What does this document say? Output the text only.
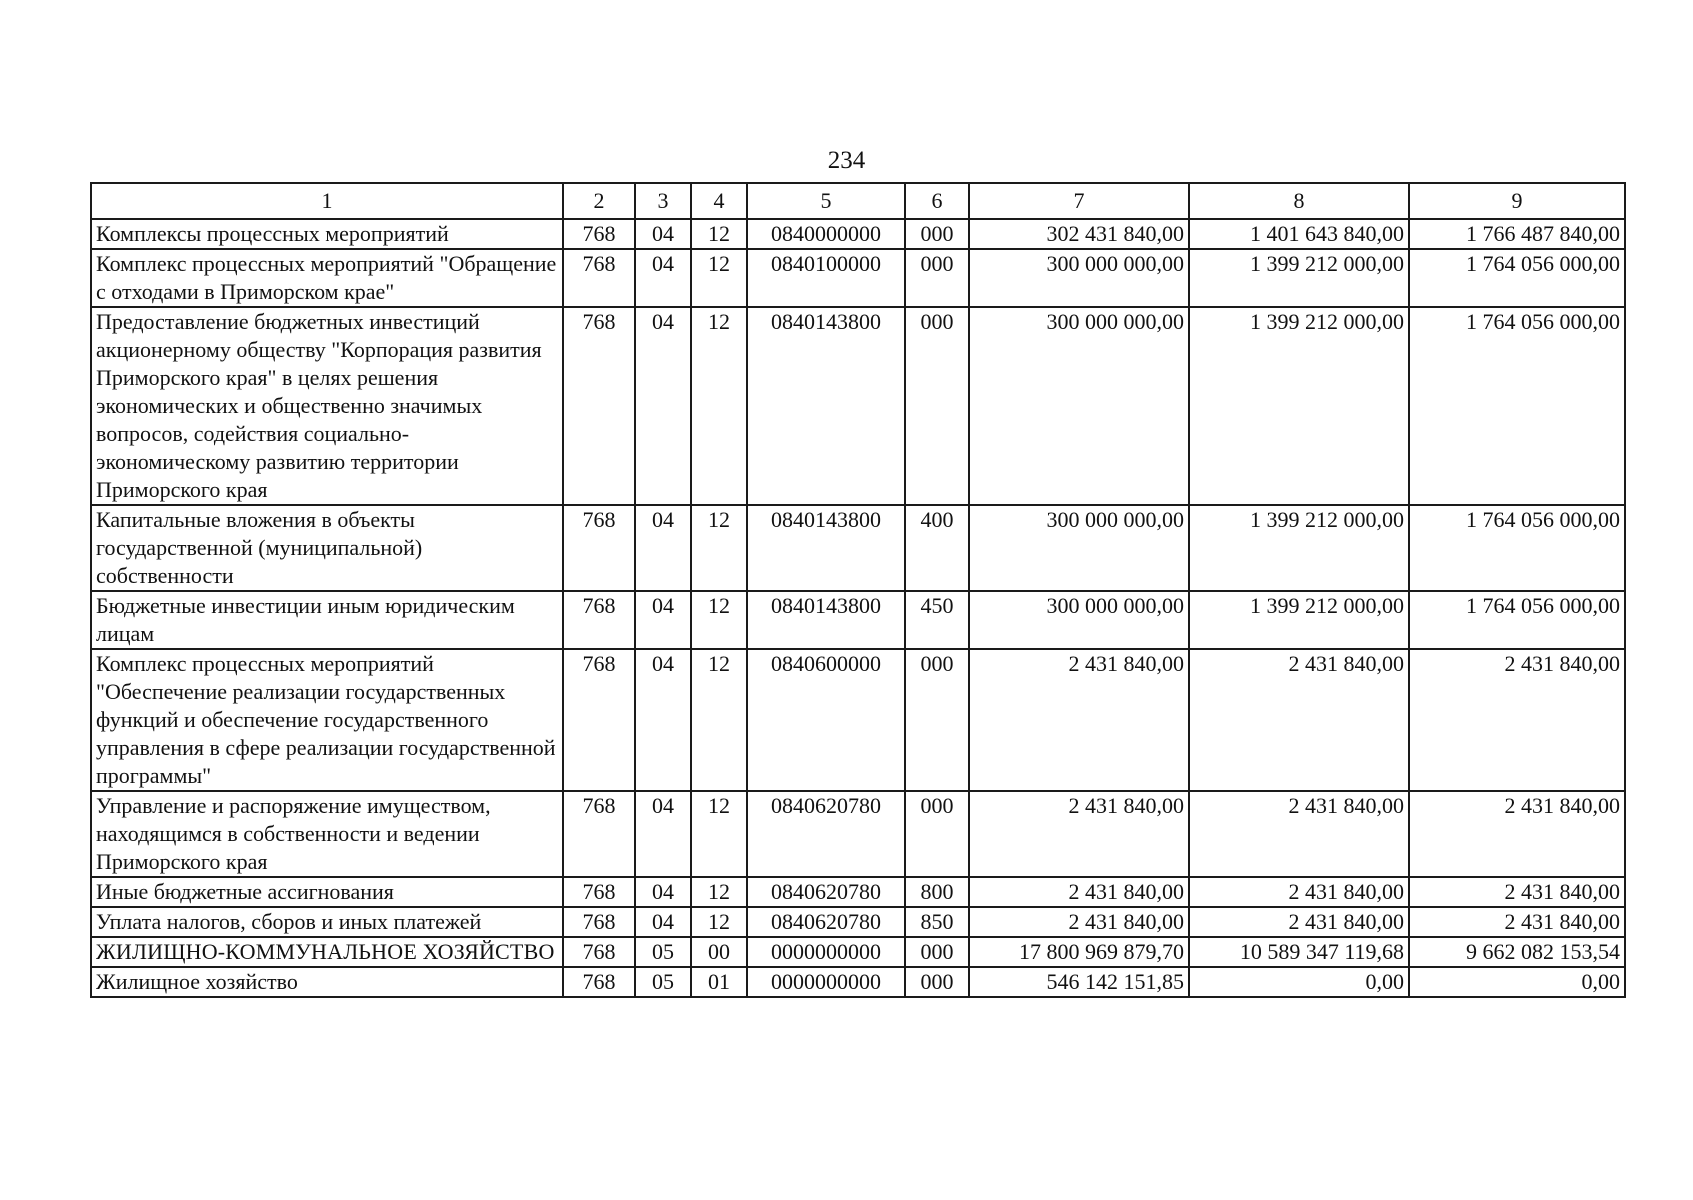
234
1	2	3	4	5	6	7	8	9
Комплексы процессных мероприятий	768	04	12	0840000000	000	302 431 840,00	1 401 643 840,00	1 766 487 840,00
Комплекс процессных мероприятий "Обращение с отходами в Приморском крае"	768	04	12	0840100000	000	300 000 000,00	1 399 212 000,00	1 764 056 000,00
Предоставление бюджетных инвестиций акционерному обществу "Корпорация развития Приморского края" в целях решения экономических и общественно значимых вопросов, содействия социально-экономическому развитию территории Приморского края	768	04	12	0840143800	000	300 000 000,00	1 399 212 000,00	1 764 056 000,00
Капитальные вложения в объекты государственной (муниципальной) собственности	768	04	12	0840143800	400	300 000 000,00	1 399 212 000,00	1 764 056 000,00
Бюджетные инвестиции иным юридическим лицам	768	04	12	0840143800	450	300 000 000,00	1 399 212 000,00	1 764 056 000,00
Комплекс процессных мероприятий "Обеспечение реализации государственных функций и обеспечение государственного управления в сфере реализации государственной программы"	768	04	12	0840600000	000	2 431 840,00	2 431 840,00	2 431 840,00
Управление и распоряжение имуществом, находящимся в собственности и ведении Приморского края	768	04	12	0840620780	000	2 431 840,00	2 431 840,00	2 431 840,00
Иные бюджетные ассигнования	768	04	12	0840620780	800	2 431 840,00	2 431 840,00	2 431 840,00
Уплата налогов, сборов и иных платежей	768	04	12	0840620780	850	2 431 840,00	2 431 840,00	2 431 840,00
ЖИЛИЩНО-КОММУНАЛЬНОЕ ХОЗЯЙСТВО	768	05	00	0000000000	000	17 800 969 879,70	10 589 347 119,68	9 662 082 153,54
Жилищное хозяйство	768	05	01	0000000000	000	546 142 151,85	0,00	0,00
